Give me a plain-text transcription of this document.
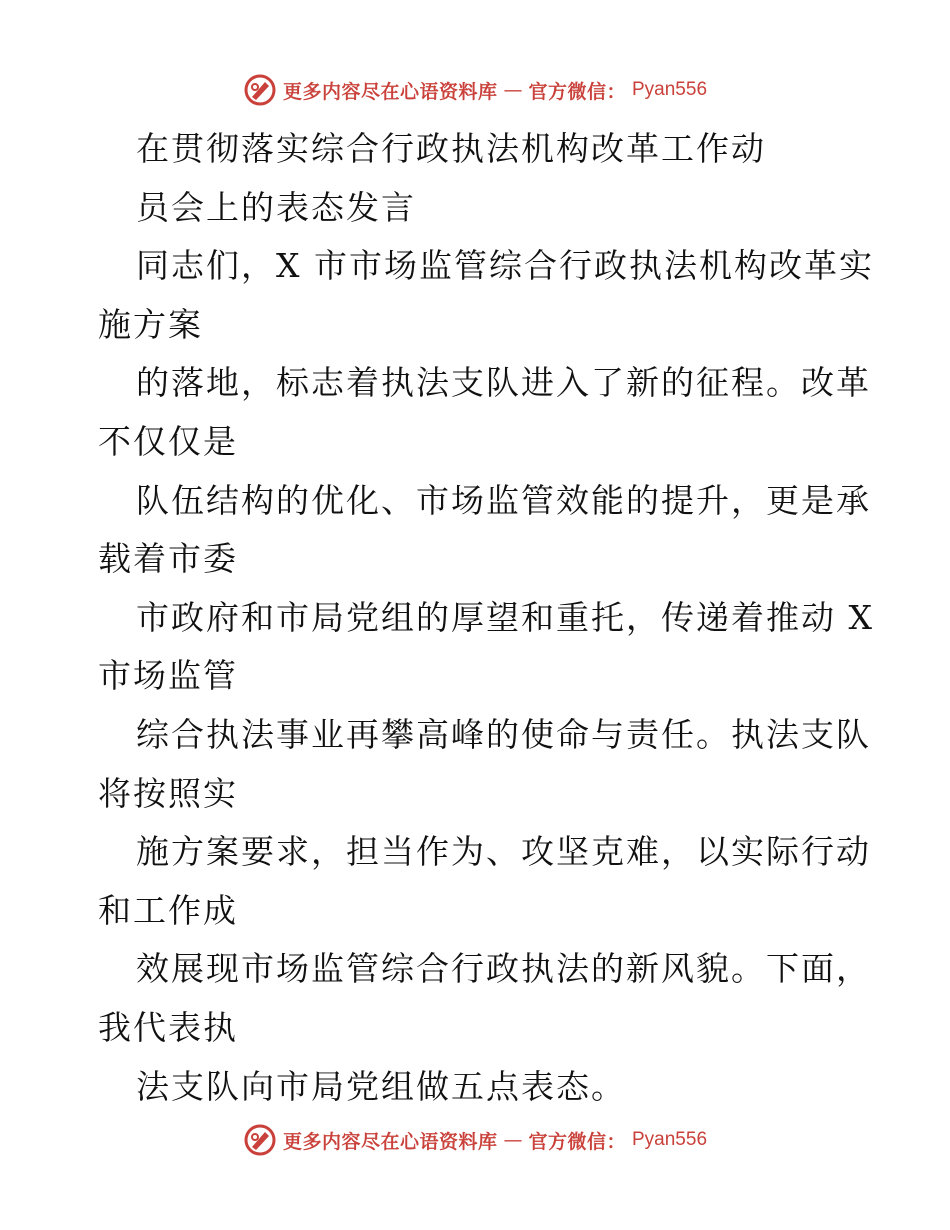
更多内容尽在心语资料库 — 官方微信： Pyan556
在贯彻落实综合行政执法机构改革工作动
员会上的表态发言
同志们，X 市市场监管综合行政执法机构改革实
施方案
的落地，标志着执法支队进入了新的征程。改革
不仅仅是
队伍结构的优化、市场监管效能的提升，更是承
载着市委
市政府和市局党组的厚望和重托，传递着推动 X
市场监管
综合执法事业再攀高峰的使命与责任。执法支队
将按照实
施方案要求，担当作为、攻坚克难，以实际行动
和工作成
效展现市场监管综合行政执法的新风貌。下面，
我代表执
法支队向市局党组做五点表态。
更多内容尽在心语资料库 — 官方微信： Pyan556
